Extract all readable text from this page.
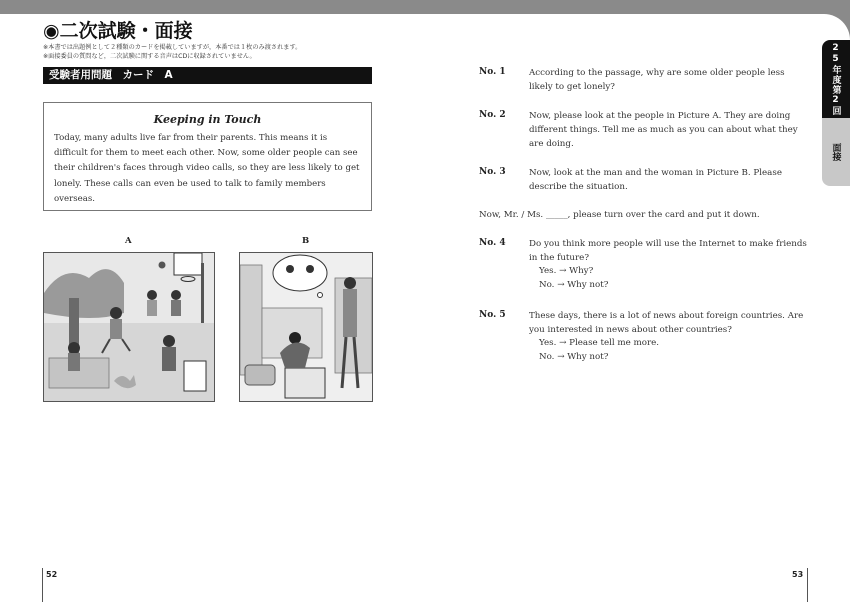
25年度第2回
面接
◉二次試験・面接
※本書では出題例として２種類のカードを掲載していますが，本番では１枚のみ渡されます。
※面接委員の質問など，二次試験に関する音声はCDに収録されていません。
受験者用問題　カード　A
Keeping in Touch
Today, many adults live far from their parents. This means it is difficult for them to meet each other. Now, some older people can see their children's faces through video calls, so they are less likely to get lonely. These calls can even be used to talk to family members overseas.
A	B
No. 1	According to the passage, why are some older people less likely to get lonely?
No. 2	Now, please look at the people in Picture A. They are doing different things. Tell me as much as you can about what they are doing.
No. 3	Now, look at the man and the woman in Picture B. Please describe the situation.
Now, Mr. / Ms. _____, please turn over the card and put it down.
No. 4	Do you think more people will use the Internet to make friends in the future?
Yes. → Why?
No. → Why not?
No. 5	These days, there is a lot of news about foreign countries. Are you interested in news about other countries?
Yes. → Please tell me more.
No. → Why not?
52	53
